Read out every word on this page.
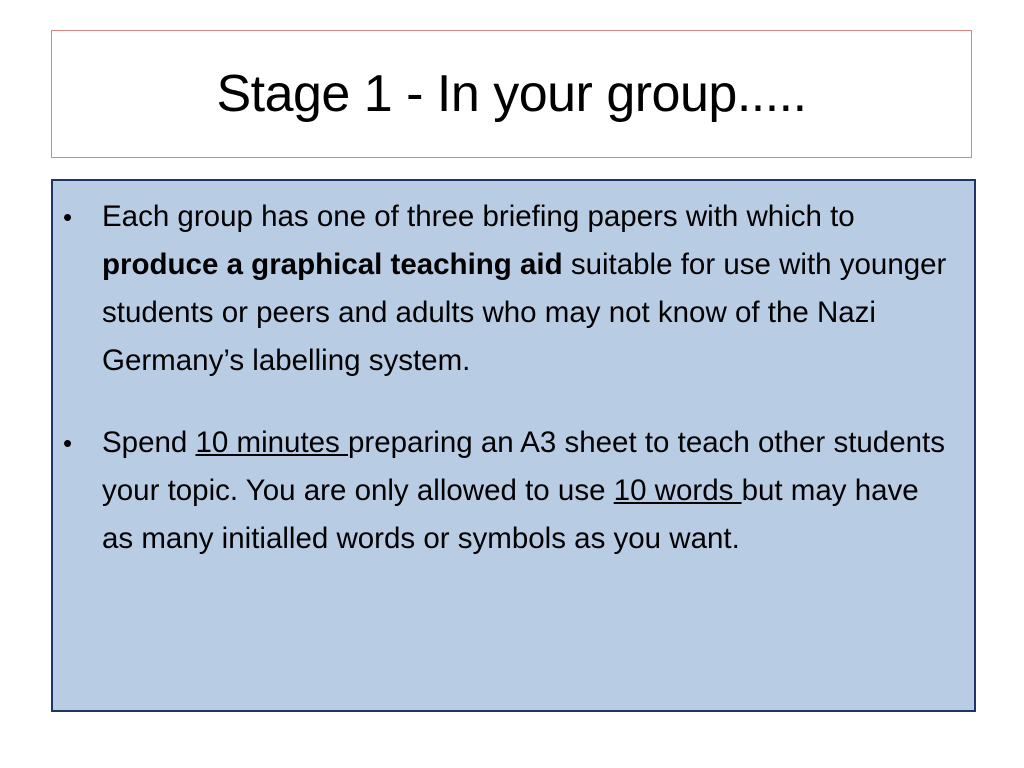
Stage 1 - In your group.....
• Each group has one of three briefing papers with which to produce a graphical teaching aid suitable for use with younger students or peers and adults who may not know of the Nazi Germany’s labelling system.
• Spend 10 minutes preparing an A3 sheet to teach other students your topic. You are only allowed to use 10 words but may have as many initialled words or symbols as you want.
